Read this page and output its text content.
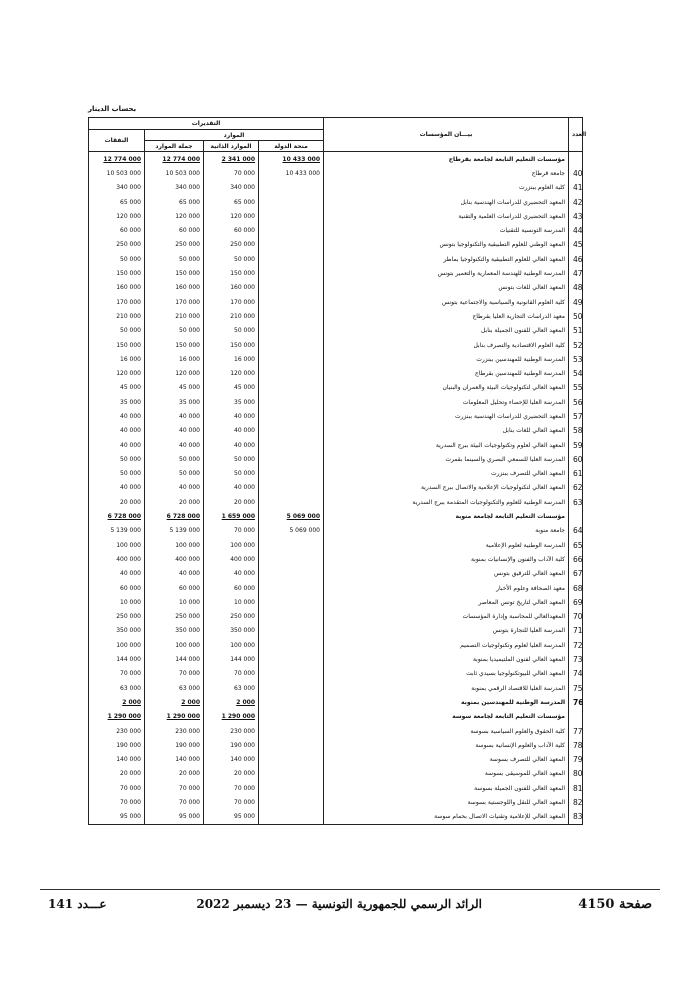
بحساب الدينار
التقديرات				بيـــان المؤسسات	العدد
النفقات	الموارد				
	جملة الموارد	الموارد الذاتية	منحة الدولة		
12 774 000	12 774 000	2 341 000	10 433 000	مؤسسات التعليم التابعة لجامعة بقرطاج	
10 503 000	10 503 000	70 000	10 433 000	جامعة قرطاج	40
340 000	340 000	340 000		كلية العلوم ببنزرت	41
65 000	65 000	65 000		المعهد التحضيري للدراسات الهندسية بنابل	42
120 000	120 000	120 000		المعهد التحضيري للدراسات العلمية والتقنية	43
60 000	60 000	60 000		المدرسة التونسية للتقنيات	44
250 000	250 000	250 000		المعهد الوطني للعلوم التطبيقية والتكنولوجيا بتونس	45
50 000	50 000	50 000		المعهد العالي للعلوم التطبيقية والتكنولوجيا بماطر	46
150 000	150 000	150 000		المدرسة الوطنية للهندسة المعمارية والتعمير بتونس	47
160 000	160 000	160 000		المعهد العالي للغات بتونس	48
170 000	170 000	170 000		كلية العلوم القانونية والسياسية والاجتماعية بتونس	49
210 000	210 000	210 000		معهد الدراسات التجارية العليا بقرطاج	50
50 000	50 000	50 000		المعهد العالي للفنون الجميلة بنابل	51
150 000	150 000	150 000		كلية العلوم الاقتصادية والتصرف بنابل	52
16 000	16 000	16 000		المدرسة الوطنية للمهندسين ببنزرت	53
120 000	120 000	120 000		المدرسة الوطنية للمهندسين بقرطاج	54
45 000	45 000	45 000		المعهد العالي لتكنولوجيات البيئة والعمران والبنيان	55
35 000	35 000	35 000		المدرسة العليا للإحصاء وتحليل المعلومات	56
40 000	40 000	40 000		المعهد التحضيري للدراسات الهندسية ببنزرت	57
40 000	40 000	40 000		المعهد العالي للغات بنابل	58
40 000	40 000	40 000		المعهد العالي لعلوم وتكنولوجيات البيئة ببرج السدرية	59
50 000	50 000	50 000		المدرسة العليا للسمعي البصري والسينما بقمرت	60
50 000	50 000	50 000		المعهد العالي للتصرف ببنزرت	61
40 000	40 000	40 000		المعهد العالي لتكنولوجيات الإعلامية والاتصال ببرج السدرية	62
20 000	20 000	20 000		المدرسة الوطنية للعلوم والتكنولوجيات المتقدمة ببرج السدرية	63
6 728 000	6 728 000	1 659 000	5 069 000	مؤسسات التعليم التابعة لجامعة منوبة	
5 139 000	5 139 000	70 000	5 069 000	جامعة منوبة	64
100 000	100 000	100 000		المدرسة الوطنية لعلوم الإعلامية	65
400 000	400 000	400 000		كلية الآداب والفنون والإنسانيات بمنوبة	66
40 000	40 000	40 000		المعهد العالي للترقيق بتونس	67
60 000	60 000	60 000		معهد الصحافة وعلوم الأخبار	68
10 000	10 000	10 000		المعهد العالي لتاريخ تونس المعاصر	69
250 000	250 000	250 000		المعهدالعالي للمحاسبة وإدارة المؤسسات	70
350 000	350 000	350 000		المدرسة العليا للتجارة بتونس	71
100 000	100 000	100 000		المدرسة العليا لعلوم وتكنولوجيات التصميم	72
144 000	144 000	144 000		المعهد العالي لفنون الملتيميديا بمنوبة	73
70 000	70 000	70 000		المعهد العالي للبيوتكنولوجيا بسيدي ثابت	74
63 000	63 000	63 000		المدرسة العليا للاقتصاد الرقمي بمنوبة	75
2 000	2 000	2 000		المدرسة الوطنية للمهندسين بمنوبة	76
1 290 000	1 290 000	1 290 000		مؤسسات التعليم التابعة لجامعة سوسة	
230 000	230 000	230 000		كلية الحقوق والعلوم السياسية بسوسة	77
190 000	190 000	190 000		كلية الآداب والعلوم الإنسانية بسوسة	78
140 000	140 000	140 000		المعهد العالي للتصرف بسوسة	79
20 000	20 000	20 000		المعهد العالي للموسيقى بسوسة	80
70 000	70 000	70 000		المعهد العالي للفنون الجميلة بسوسة	81
70 000	70 000	70 000		المعهد العالي للنقل واللوجستية بسوسة	82
95 000	95 000	95 000		المعهد العالي للإعلامية وتقنيات الاتصال بحمام سوسة	83
صفحة 4150
الرائد الرسمي للجمهورية التونسية — 23 ديسمبر 2022
عـــدد 141
